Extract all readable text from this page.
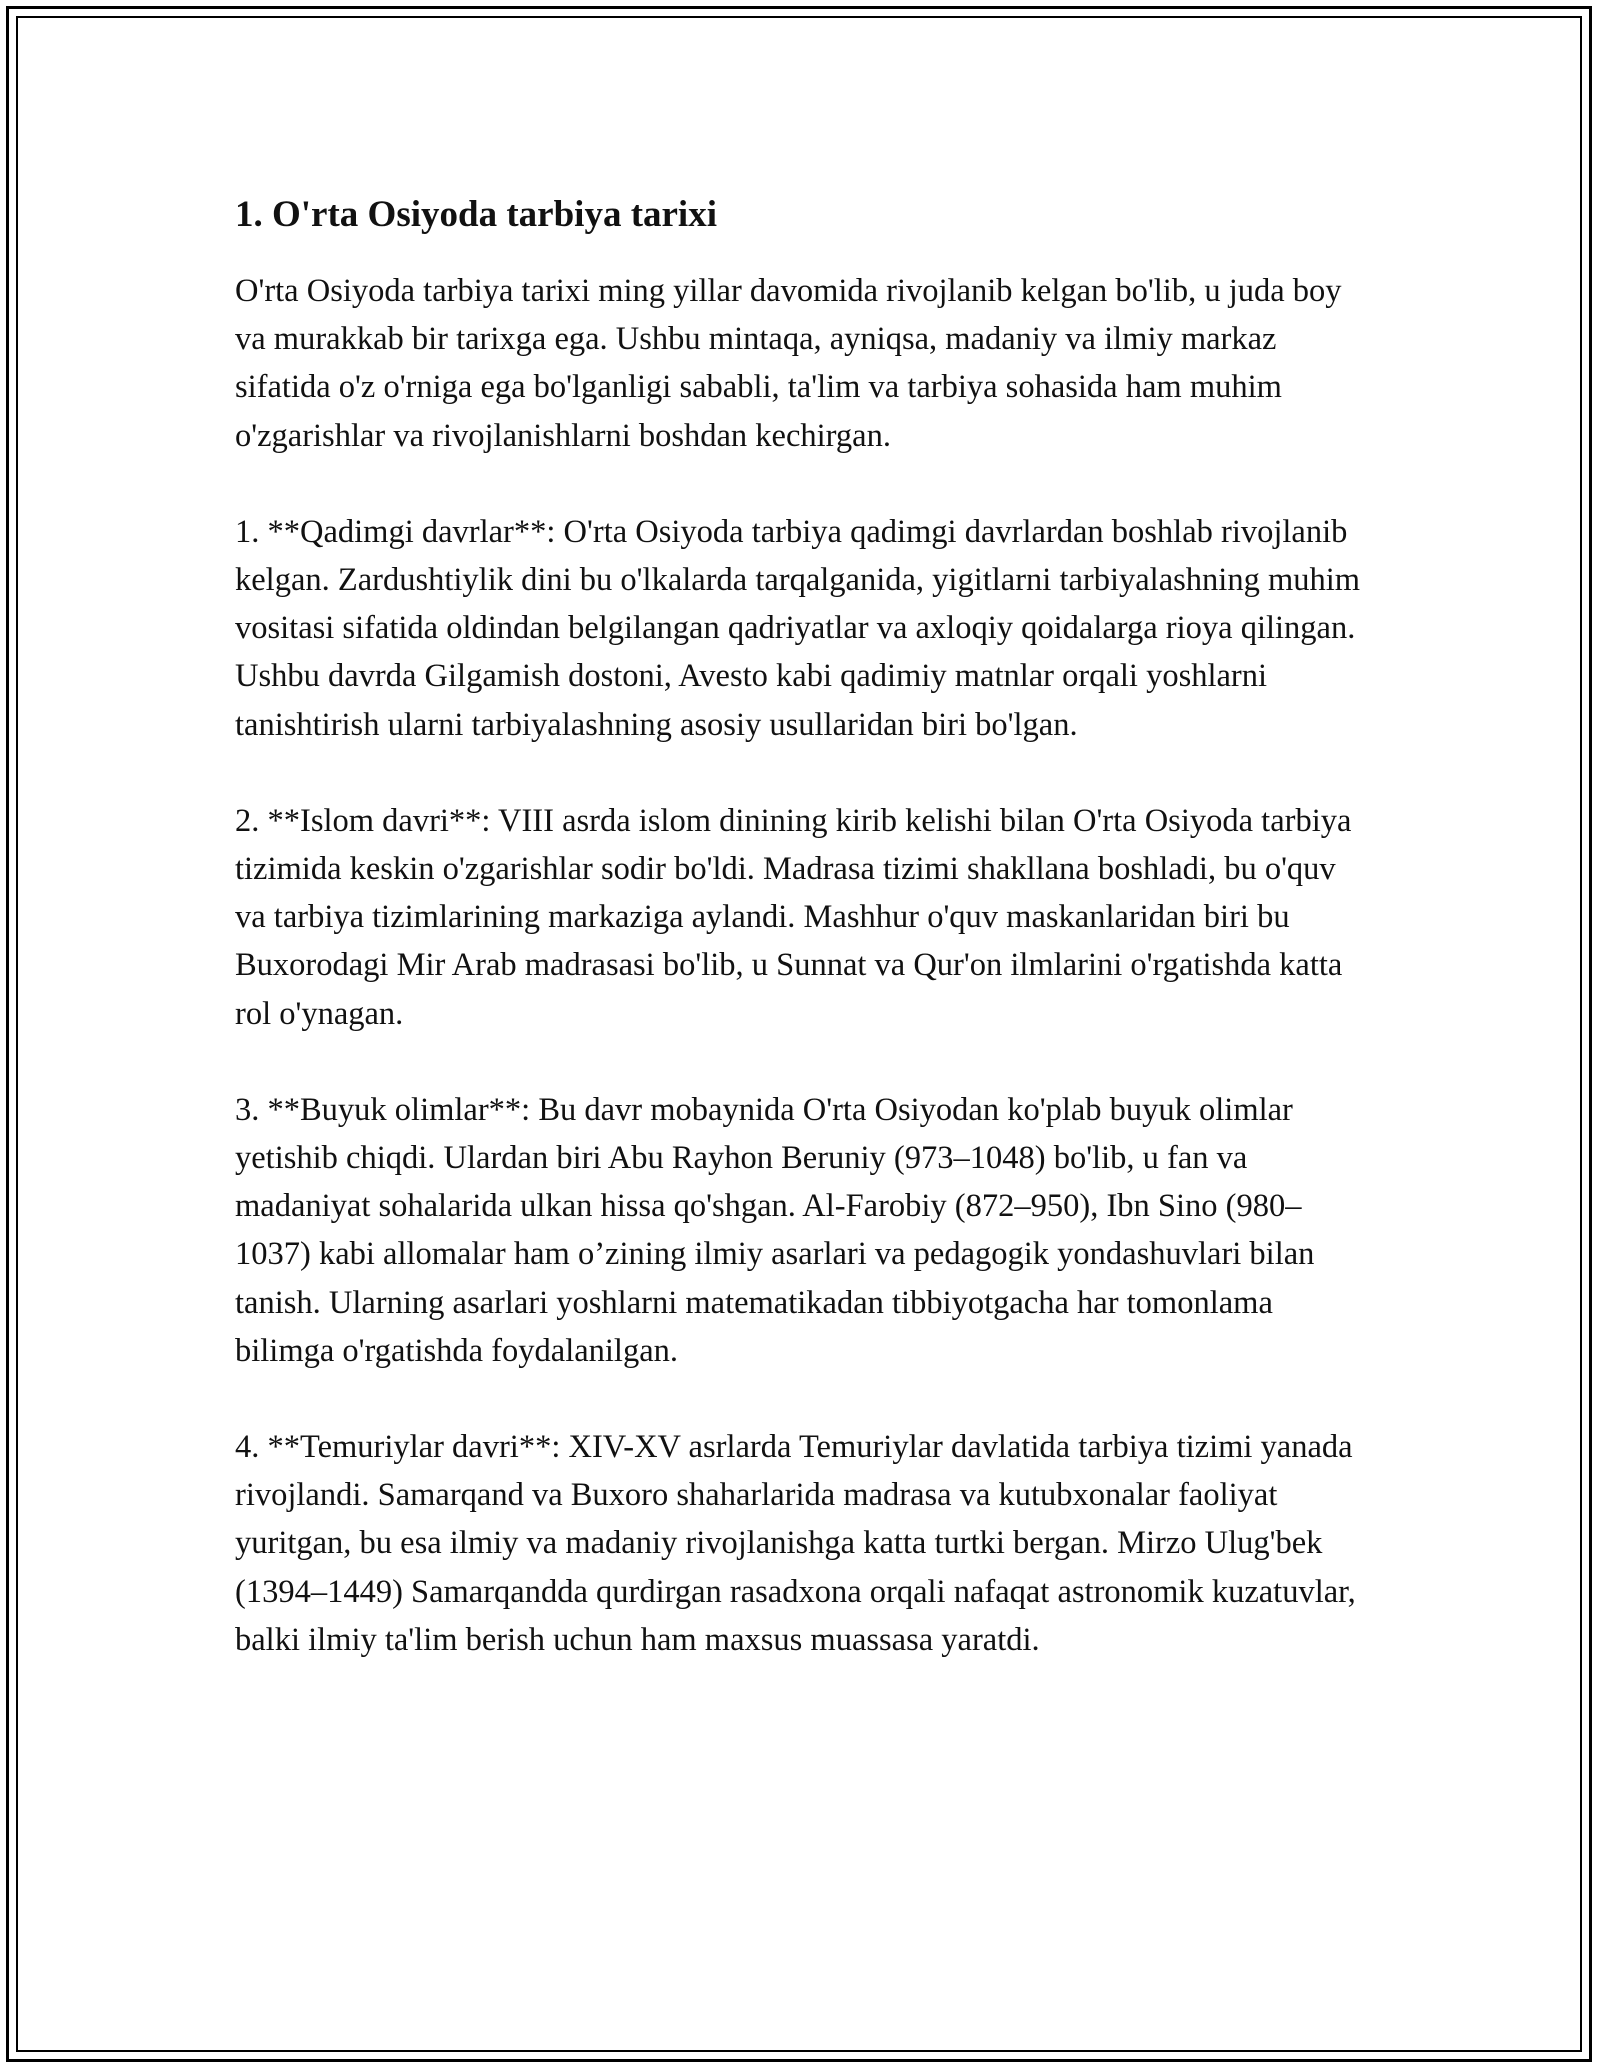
1. O'rta Osiyoda tarbiya tarixi

O'rta Osiyoda tarbiya tarixi ming yillar davomida rivojlanib kelgan bo'lib, u juda boy va murakkab bir tarixga ega. Ushbu mintaqa, ayniqsa, madaniy va ilmiy markaz sifatida o'z o'rniga ega bo'lganligi sababli, ta'lim va tarbiya sohasida ham muhim o'zgarishlar va rivojlanishlarni boshdan kechirgan.

1. **Qadimgi davrlar**: O'rta Osiyoda tarbiya qadimgi davrlardan boshlab rivojlanib kelgan. Zardushtiylik dini bu o'lkalarda tarqalganida, yigitlarni tarbiyalashning muhim vositasi sifatida oldindan belgilangan qadriyatlar va axloqiy qoidalarga rioya qilingan. Ushbu davrda Gilgamish dostoni, Avesto kabi qadimiy matnlar orqali yoshlarni tanishtirish ularni tarbiyalashning asosiy usullaridan biri bo'lgan.

2. **Islom davri**: VIII asrda islom dinining kirib kelishi bilan O'rta Osiyoda tarbiya tizimida keskin o'zgarishlar sodir bo'ldi. Madrasa tizimi shakllana boshladi, bu o'quv va tarbiya tizimlarining markaziga aylandi. Mashhur o'quv maskanlaridan biri bu Buxorodagi Mir Arab madrasasi bo'lib, u Sunnat va Qur'on ilmlarini o'rgatishda katta rol o'ynagan.

3. **Buyuk olimlar**: Bu davr mobaynida O'rta Osiyodan ko'plab buyuk olimlar yetishib chiqdi. Ulardan biri Abu Rayhon Beruniy (973–1048) bo'lib, u fan va madaniyat sohalarida ulkan hissa qo'shgan. Al-Farobiy (872–950), Ibn Sino (980–1037) kabi allomalar ham o’zining ilmiy asarlari va pedagogik yondashuvlari bilan tanish. Ularning asarlari yoshlarni matematikadan tibbiyotgacha har tomonlama bilimga o'rgatishda foydalanilgan.

4. **Temuriylar davri**: XIV-XV asrlarda Temuriylar davlatida tarbiya tizimi yanada rivojlandi. Samarqand va Buxoro shaharlarida madrasa va kutubxonalar faoliyat yuritgan, bu esa ilmiy va madaniy rivojlanishga katta turtki bergan. Mirzo Ulug'bek (1394–1449) Samarqandda qurdirgan rasadxona orqali nafaqat astronomik kuzatuvlar, balki ilmiy ta'lim berish uchun ham maxsus muassasa yaratdi.
